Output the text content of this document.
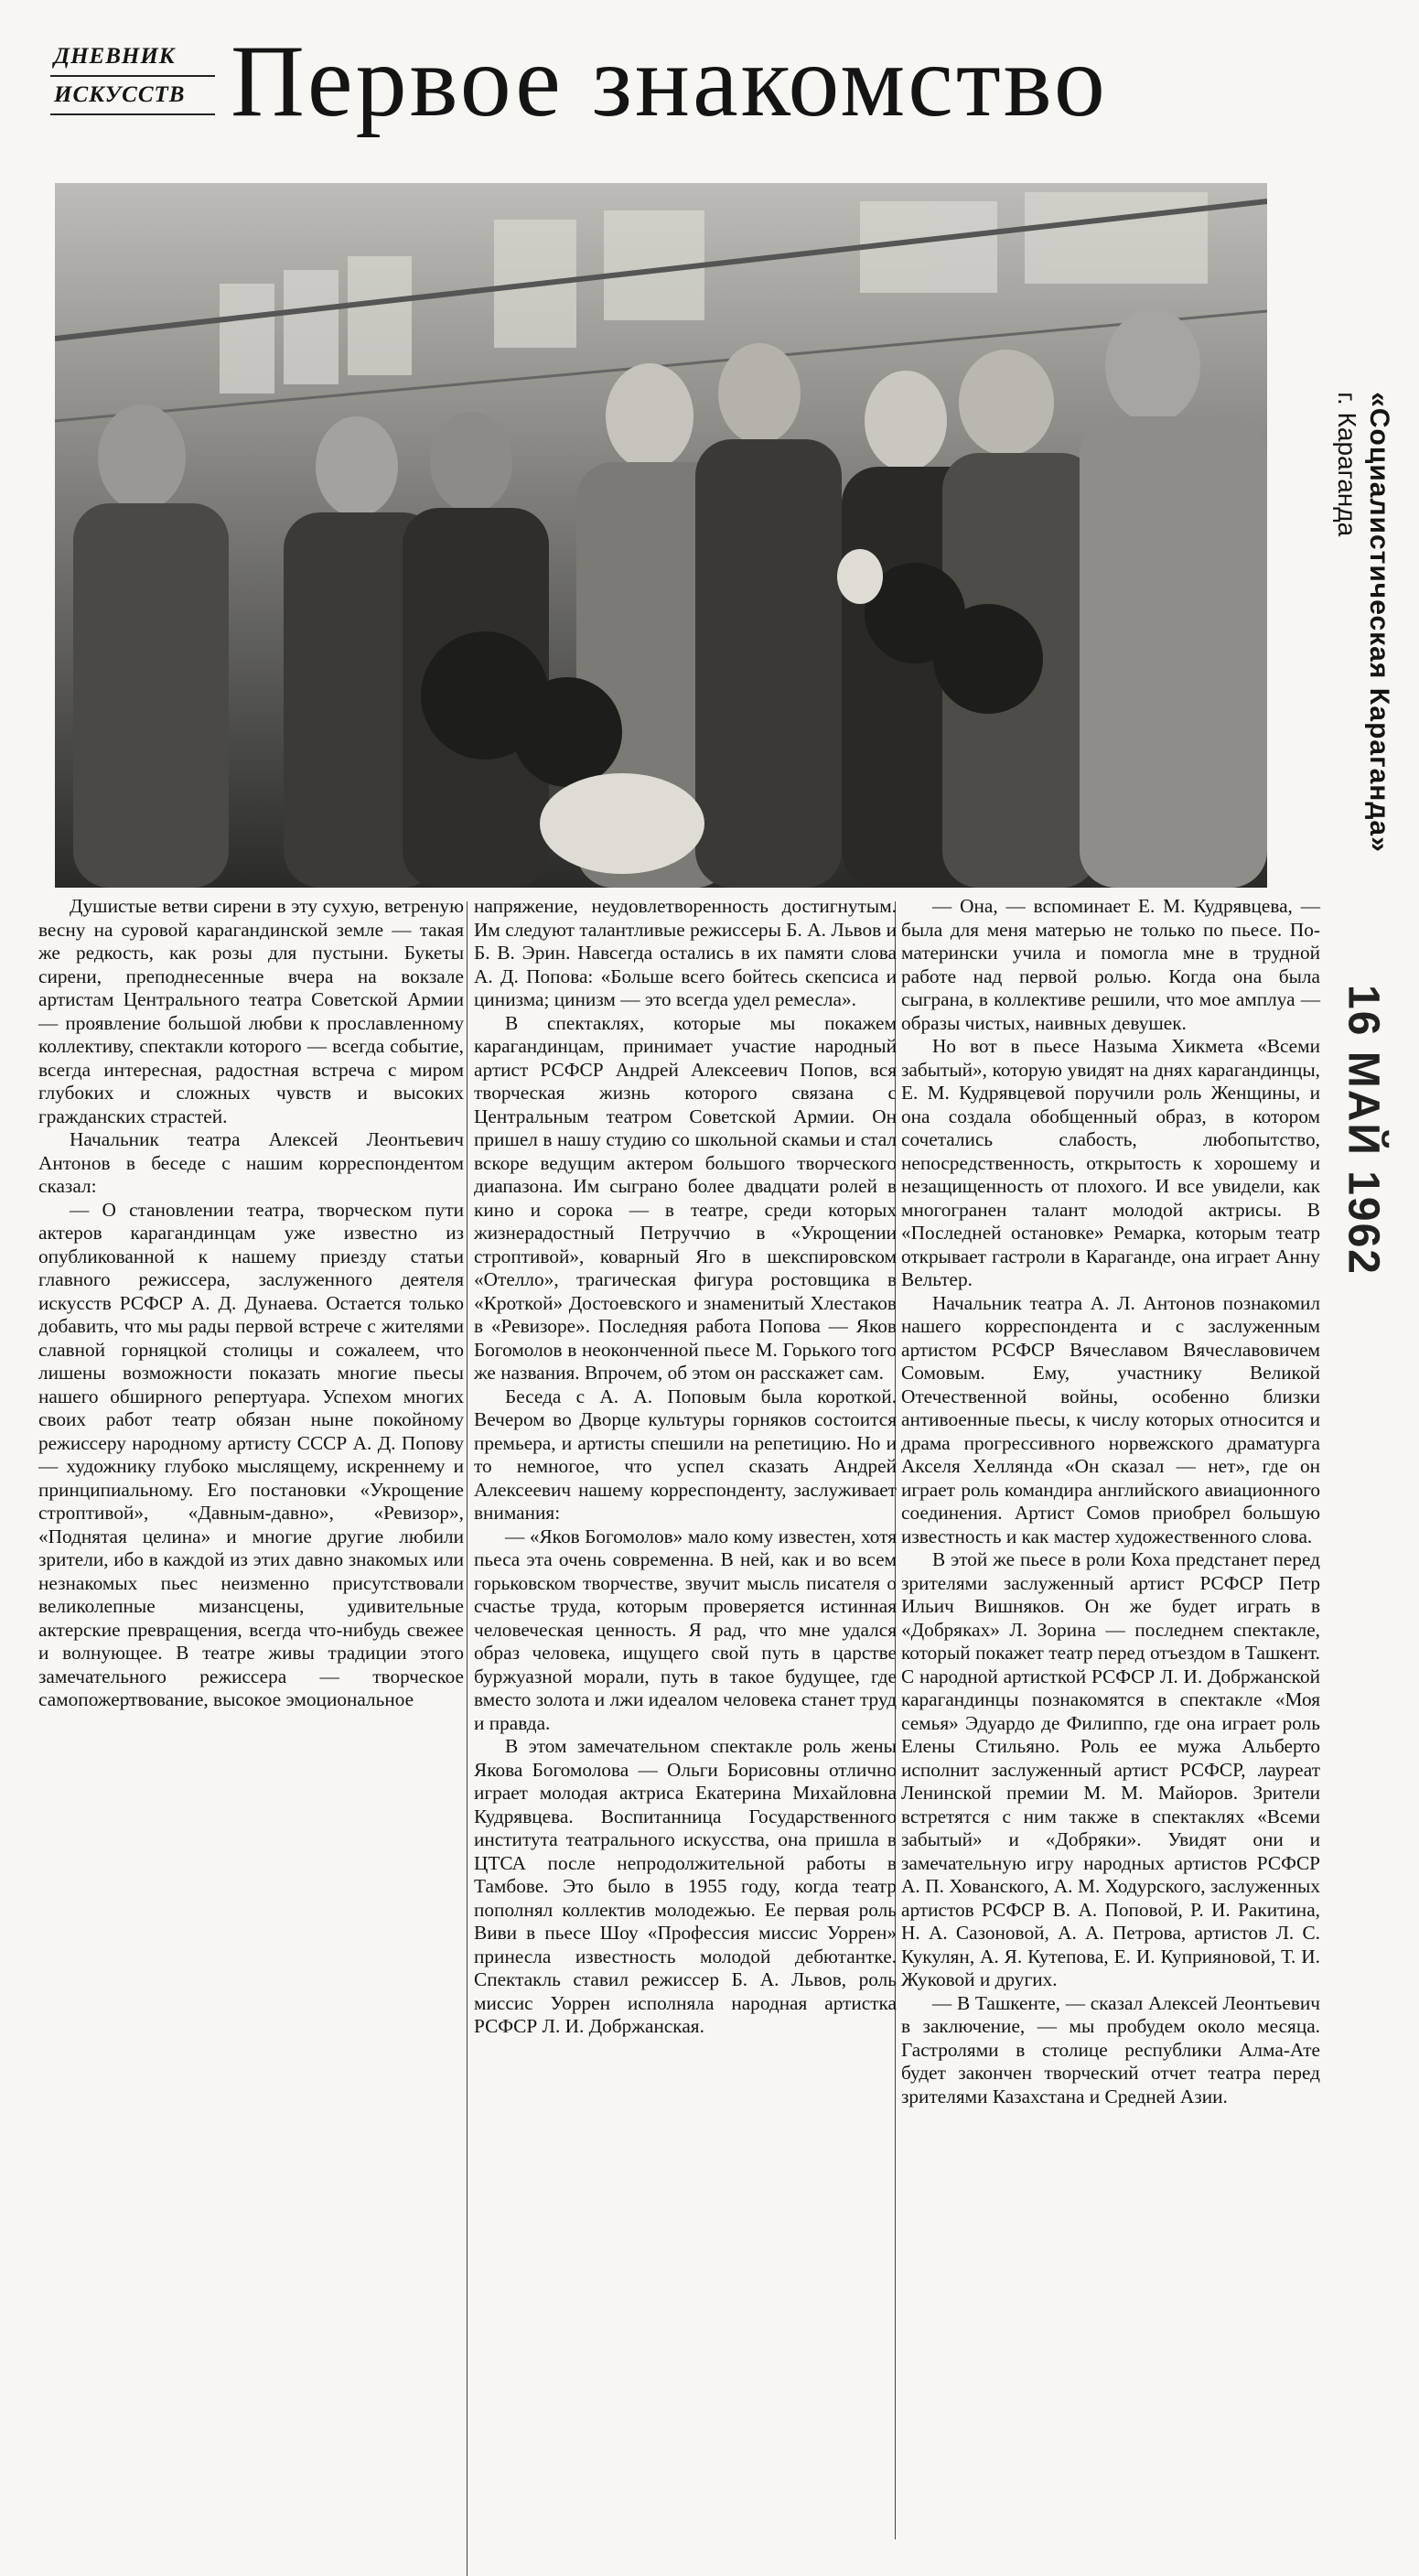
ДНЕВНИК
ИСКУССТВ Первое знакомство
«Социалистическая Караганда»
г. Караганда
16 МАЙ 1962

Душистые ветви сирени в эту сухую, ветреную весну на суровой карагандинской земле — такая же редкость, как розы для пустыни. Букеты сирени, преподнесенные вчера на вокзале артистам Центрального театра Советской Армии — проявление большой любви к прославленному коллективу, спектакли которого — всегда событие, всегда интересная, радостная встреча с миром глубоких и сложных чувств и высоких гражданских страстей.

Начальник театра Алексей Леонтьевич Антонов в беседе с нашим корреспондентом сказал:

— О становлении театра, творческом пути актеров карагандинцам уже известно из опубликованной к нашему приезду статьи главного режиссера, заслуженного деятеля искусств РСФСР А. Д. Дунаева. Остается только добавить, что мы рады первой встрече с жителями славной горняцкой столицы и сожалеем, что лишены возможности показать многие пьесы нашего обширного репертуара. Успехом многих своих работ театр обязан ныне покойному режиссеру народному артисту СССР А. Д. Попову — художнику глубоко мыслящему, искреннему и принципиальному. Его постановки «Укрощение строптивой», «Давным-давно», «Ревизор», «Поднятая целина» и многие другие любили зрители, ибо в каждой из этих давно знакомых или незнакомых пьес неизменно присутствовали великолепные мизансцены, удивительные актерские превращения, всегда что-нибудь свежее и волнующее. В театре живы традиции этого замечательного режиссера — творческое самопожертвование, высокое эмоциональное

напряжение, неудовлетворенность достигнутым. Им следуют талантливые режиссеры Б. А. Львов и Б. В. Эрин. Навсегда остались в их памяти слова А. Д. Попова: «Больше всего бойтесь скепсиса и цинизма; цинизм — это всегда удел ремесла».

В спектаклях, которые мы покажем карагандинцам, принимает участие народный артист РСФСР Андрей Алексеевич Попов, вся творческая жизнь которого связана с Центральным театром Советской Армии. Он пришел в нашу студию со школьной скамьи и стал вскоре ведущим актером большого творческого диапазона. Им сыграно более двадцати ролей в кино и сорока — в театре, среди которых жизнерадостный Петруччио в «Укрощении строптивой», коварный Яго в шекспировском «Отелло», трагическая фигура ростовщика в «Кроткой» Достоевского и знаменитый Хлестаков в «Ревизоре». Последняя работа Попова — Яков Богомолов в неоконченной пьесе М. Горького того же названия. Впрочем, об этом он расскажет сам.

Беседа с А. А. Поповым была короткой. Вечером во Дворце культуры горняков состоится премьера, и артисты спешили на репетицию. Но и то немногое, что успел сказать Андрей Алексеевич нашему корреспонденту, заслуживает внимания:

— «Яков Богомолов» мало кому известен, хотя пьеса эта очень современна. В ней, как и во всем горьковском творчестве, звучит мысль писателя о счастье труда, которым проверяется истинная человеческая ценность. Я рад, что мне удался образ человека, ищущего свой путь в царстве буржуазной морали, путь в такое будущее, где вместо золота и лжи идеалом человека станет труд и правда.

В этом замечательном спектакле роль жены Якова Богомолова — Ольги Борисовны отлично играет молодая актриса Екатерина Михайловна Кудрявцева. Воспитанница Государственного института театрального искусства, она пришла в ЦТСА после непродолжительной работы в Тамбове. Это было в 1955 году, когда театр пополнял коллектив молодежью. Ее первая роль Виви в пьесе Шоу «Профессия миссис Уоррен» принесла известность молодой дебютантке. Спектакль ставил режиссер Б. А. Львов, роль миссис Уоррен исполняла народная артистка РСФСР Л. И. Добржанская.

— Она, — вспоминает Е. М. Кудрявцева, — была для меня матерью не только по пьесе. По-матерински учила и помогла мне в трудной работе над первой ролью. Когда она была сыграна, в коллективе решили, что мое амплуа — образы чистых, наивных девушек.

Но вот в пьесе Назыма Хикмета «Всеми забытый», которую увидят на днях карагандинцы, Е. М. Кудрявцевой поручили роль Женщины, и она создала обобщенный образ, в котором сочетались слабость, любопытство, непосредственность, открытость к хорошему и незащищенность от плохого. И все увидели, как многогранен талант молодой актрисы. В «Последней остановке» Ремарка, которым театр открывает гастроли в Караганде, она играет Анну Вельтер.

Начальник театра А. Л. Антонов познакомил нашего корреспондента и с заслуженным артистом РСФСР Вячеславом Вячеславовичем Сомовым. Ему, участнику Великой Отечественной войны, особенно близки антивоенные пьесы, к числу которых относится и драма прогрессивного норвежского драматурга Акселя Хелляндa «Он сказал — нет», где он играет роль командира английского авиационного соединения. Артист Сомов приобрел большую известность и как мастер художественного слова.

В этой же пьесе в роли Коха предстанет перед зрителями заслуженный артист РСФСР Петр Ильич Вишняков. Он же будет играть в «Добряках» Л. Зорина — последнем спектакле, который покажет театр перед отъездом в Ташкент. С народной артисткой РСФСР Л. И. Добржанской карагандинцы познакомятся в спектакле «Моя семья» Эдуардо де Филиппо, где она играет роль Елены Стильяно. Роль ее мужа Альберто исполнит заслуженный артист РСФСР, лауреат Ленинской премии М. М. Майоров. Зрители встретятся с ним также в спектаклях «Всеми забытый» и «Добряки». Увидят они и замечательную игру народных артистов РСФСР А. П. Хованского, А. М. Ходурского, заслуженных артистов РСФСР В. А. Поповой, Р. И. Ракитина, Н. А. Сазоновой, А. А. Петрова, артистов Л. С. Кукулян, А. Я. Кутепова, Е. И. Куприяновой, Т. И. Жуковой и других.

— В Ташкенте, — сказал Алексей Леонтьевич в заключение, — мы пробудем около месяца. Гастролями в столице республики Алма-Ате будет закончен творческий отчет театра перед зрителями Казахстана и Средней Азии.
